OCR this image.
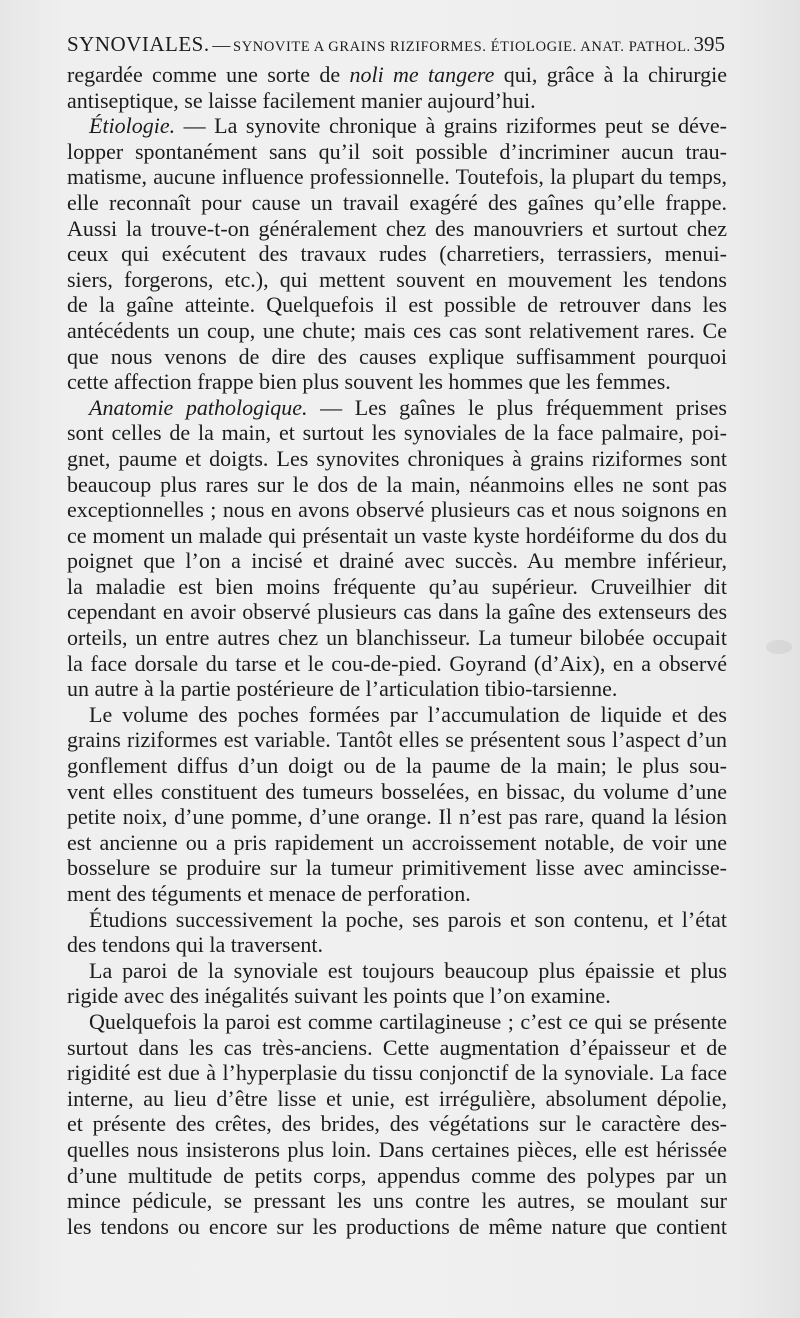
SYNOVIALES. — SYNOVITE A GRAINS RIZIFORMES. ÉTIOLOGIE. ANAT. PATHOL. 395
regardée comme une sorte de noli me tangere qui, grâce à la chirurgie
antiseptique, se laisse facilement manier aujourd’hui.
Étiologie. — La synovite chronique à grains riziformes peut se déve-
lopper spontanément sans qu’il soit possible d’incriminer aucun trau-
matisme, aucune influence professionnelle. Toutefois, la plupart du temps,
elle reconnaît pour cause un travail exagéré des gaînes qu’elle frappe.
Aussi la trouve-t-on généralement chez des manouvriers et surtout chez
ceux qui exécutent des travaux rudes (charretiers, terrassiers, menui-
siers, forgerons, etc.), qui mettent souvent en mouvement les tendons
de la gaîne atteinte. Quelquefois il est possible de retrouver dans les
antécédents un coup, une chute; mais ces cas sont relativement rares. Ce
que nous venons de dire des causes explique suffisamment pourquoi
cette affection frappe bien plus souvent les hommes que les femmes.
Anatomie pathologique. — Les gaînes le plus fréquemment prises
sont celles de la main, et surtout les synoviales de la face palmaire, poi-
gnet, paume et doigts. Les synovites chroniques à grains riziformes sont
beaucoup plus rares sur le dos de la main, néanmoins elles ne sont pas
exceptionnelles ; nous en avons observé plusieurs cas et nous soignons en
ce moment un malade qui présentait un vaste kyste hordéiforme du dos du
poignet que l’on a incisé et drainé avec succès. Au membre inférieur,
la maladie est bien moins fréquente qu’au supérieur. Cruveilhier dit
cependant en avoir observé plusieurs cas dans la gaîne des extenseurs des
orteils, un entre autres chez un blanchisseur. La tumeur bilobée occupait
la face dorsale du tarse et le cou-de-pied. Goyrand (d’Aix), en a observé
un autre à la partie postérieure de l’articulation tibio-tarsienne.
Le volume des poches formées par l’accumulation de liquide et des
grains riziformes est variable. Tantôt elles se présentent sous l’aspect d’un
gonflement diffus d’un doigt ou de la paume de la main; le plus sou-
vent elles constituent des tumeurs bosselées, en bissac, du volume d’une
petite noix, d’une pomme, d’une orange. Il n’est pas rare, quand la lésion
est ancienne ou a pris rapidement un accroissement notable, de voir une
bosselure se produire sur la tumeur primitivement lisse avec amincisse-
ment des téguments et menace de perforation.
Étudions successivement la poche, ses parois et son contenu, et l’état
des tendons qui la traversent.
La paroi de la synoviale est toujours beaucoup plus épaissie et plus
rigide avec des inégalités suivant les points que l’on examine.
Quelquefois la paroi est comme cartilagineuse ; c’est ce qui se présente
surtout dans les cas très-anciens. Cette augmentation d’épaisseur et de
rigidité est due à l’hyperplasie du tissu conjonctif de la synoviale. La face
interne, au lieu d’être lisse et unie, est irrégulière, absolument dépolie,
et présente des crêtes, des brides, des végétations sur le caractère des-
quelles nous insisterons plus loin. Dans certaines pièces, elle est hérissée
d’une multitude de petits corps, appendus comme des polypes par un
mince pédicule, se pressant les uns contre les autres, se moulant sur
les tendons ou encore sur les productions de même nature que contient
